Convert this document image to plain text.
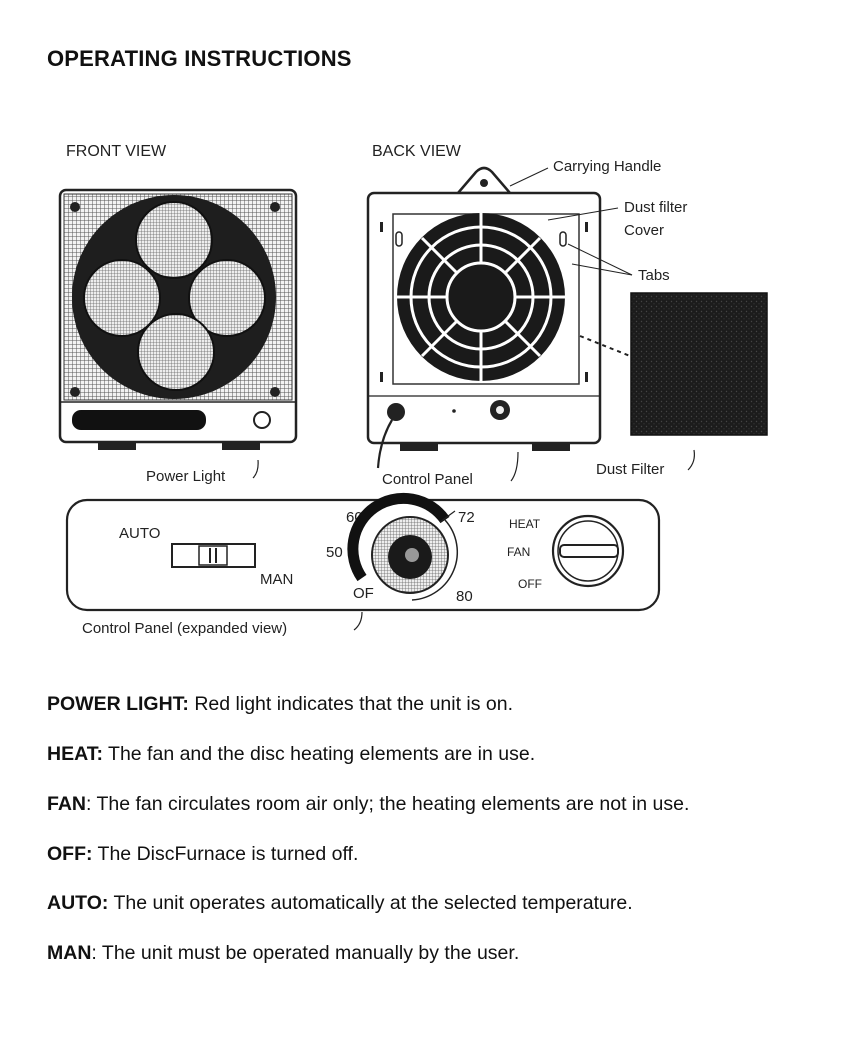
OPERATING INSTRUCTIONS
FRONT VIEW
Power Light
BACK VIEW
Carrying Handle
Dust filter
Cover
Tabs
Control Panel
Dust Filter
AUTO
MAN
60	72
50
OF	80
HEAT
FAN
OFF
Control Panel (expanded view)
POWER LIGHT: Red light indicates that the unit is on.
HEAT: The fan and the disc heating elements are in use.
FAN: The fan circulates room air only; the heating elements are not in use.
OFF: The DiscFurnace is turned off.
AUTO: The unit operates automatically at the selected temperature.
MAN: The unit must be operated manually by the user.
